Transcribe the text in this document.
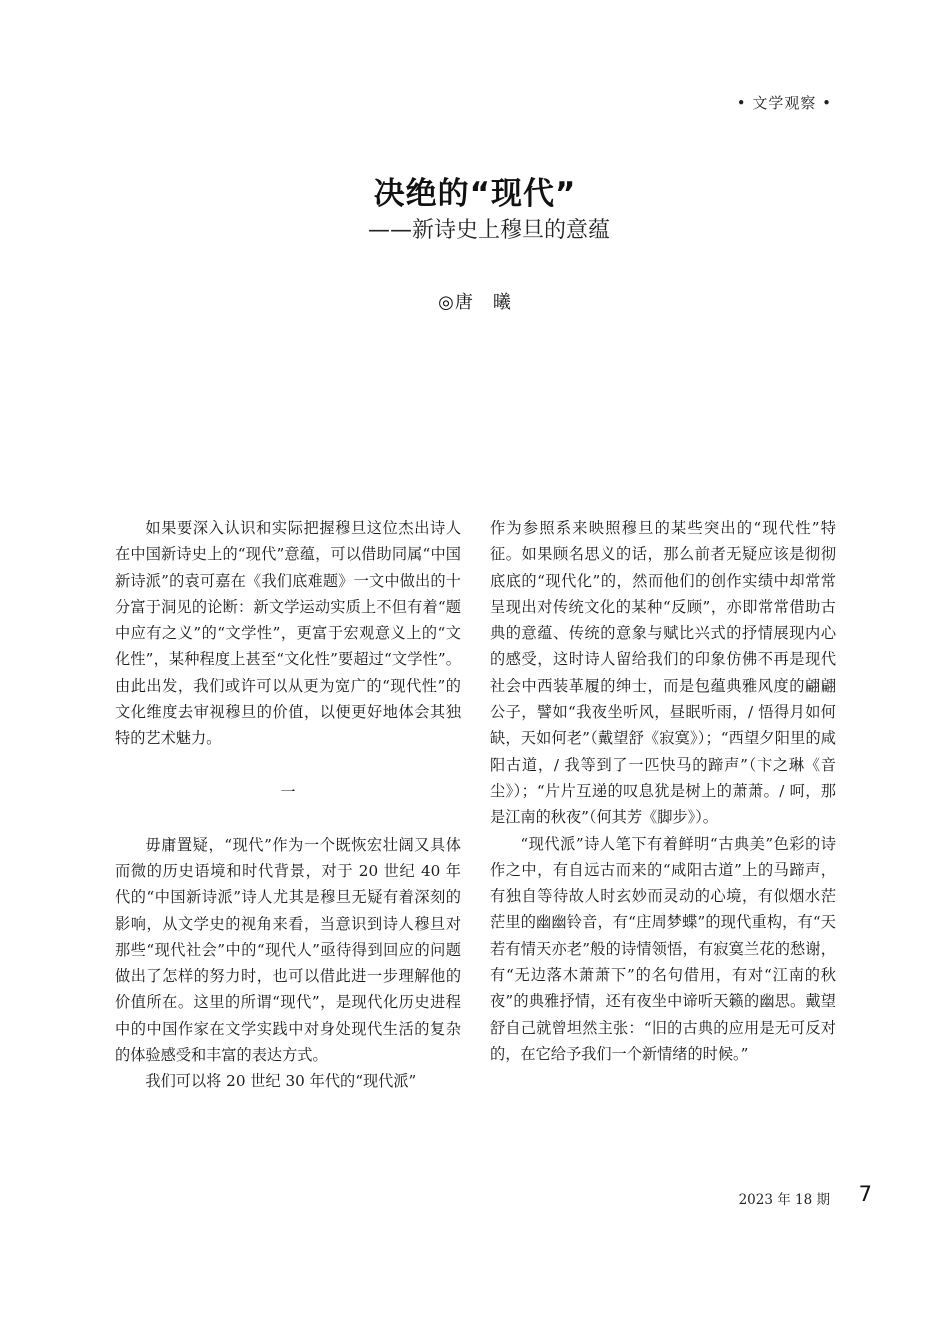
• 文学观察 •
决绝的“现代”
——新诗史上穆旦的意蕴
◎唐　曦

如果要深入认识和实际把握穆旦这位杰出诗人在中国新诗史上的“现代”意蕴，可以借助同属“中国新诗派”的袁可嘉在《我们底难题》一文中做出的十分富于洞见的论断：新文学运动实质上不但有着“题中应有之义”的“文学性”，更富于宏观意义上的“文化性”，某种程度上甚至“文化性”要超过“文学性”。由此出发，我们或许可以从更为宽广的“现代性”的文化维度去审视穆旦的价值，以便更好地体会其独特的艺术魅力。

一

毋庸置疑，“现代”作为一个既恢宏壮阔又具体而微的历史语境和时代背景，对于 20 世纪 40 年代的“中国新诗派”诗人尤其是穆旦无疑有着深刻的影响，从文学史的视角来看，当意识到诗人穆旦对那些“现代社会”中的“现代人”亟待得到回应的问题做出了怎样的努力时，也可以借此进一步理解他的价值所在。这里的所谓“现代”，是现代化历史进程中的中国作家在文学实践中对身处现代生活的复杂的体验感受和丰富的表达方式。

我们可以将 20 世纪 30 年代的“现代派”

作为参照系来映照穆旦的某些突出的“现代性”特征。如果顾名思义的话，那么前者无疑应该是彻彻底底的“现代化”的，然而他们的创作实绩中却常常呈现出对传统文化的某种“反顾”，亦即常常借助古典的意蕴、传统的意象与赋比兴式的抒情展现内心的感受，这时诗人留给我们的印象仿佛不再是现代社会中西装革履的绅士，而是包蕴典雅风度的翩翩公子，譬如“我夜坐听风，昼眠听雨，/ 悟得月如何缺，天如何老”（戴望舒《寂寞》）；“西望夕阳里的咸阳古道，/ 我等到了一匹快马的蹄声”（卞之琳《音尘》）；“片片互递的叹息犹是树上的萧萧。/ 呵，那是江南的秋夜”（何其芳《脚步》）。

“现代派”诗人笔下有着鲜明“古典美”色彩的诗作之中，有自远古而来的“咸阳古道”上的马蹄声，有独自等待故人时玄妙而灵动的心境，有似烟水茫茫里的幽幽铃音，有“庄周梦蝶”的现代重构，有“天若有情天亦老”般的诗情领悟，有寂寞兰花的愁谢，有“无边落木萧萧下”的名句借用，有对“江南的秋夜”的典雅抒情，还有夜坐中谛听天籁的幽思。戴望舒自己就曾坦然主张：“旧的古典的应用是无可反对的，在它给予我们一个新情绪的时候。”

2023 年 18 期 7
